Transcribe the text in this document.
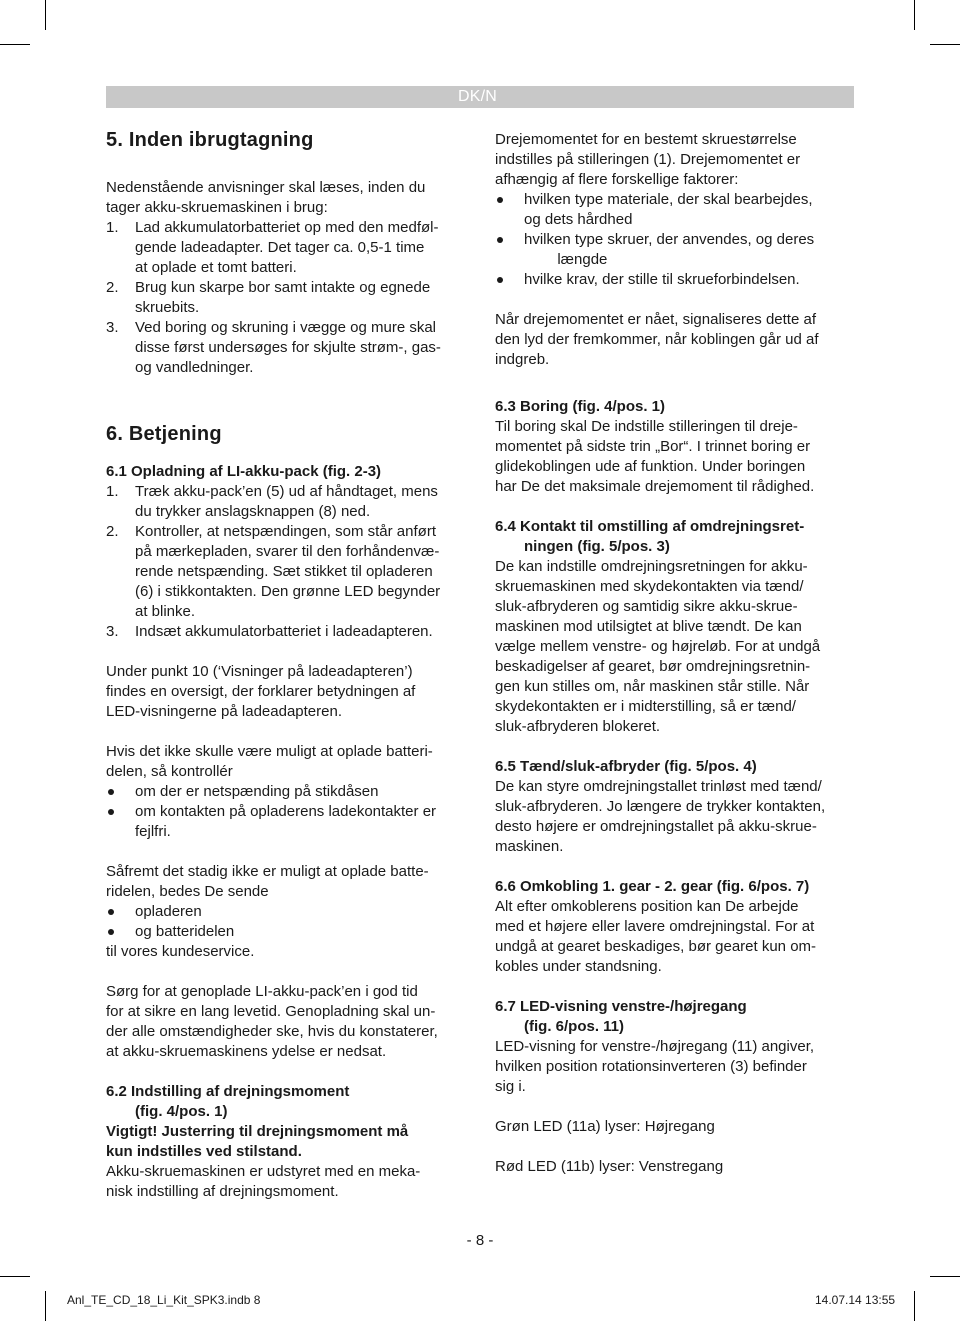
DK/N
5. Inden ibrugtagning

Nedenstående anvisninger skal læses, inden du
tager akku-skruemaskinen i brug:

1. Lad akkumulatorbatteriet op med den medføl-
gende ladeadapter. Det tager ca. 0,5-1 time
at oplade et tomt batteri.

2. Brug kun skarpe bor samt intakte og egnede
skruebits.

3. Ved boring og skruning i vægge og mure skal
disse først undersøges for skjulte strøm-, gas-
og vandledninger.

6. Betjening
6.1 Opladning af LI-akku-pack (fig. 2-3)

1. Træk akku-pack’en (5) ud af håndtaget, mens
du trykker anslagsknappen (8) ned.

2. Kontroller, at netspændingen, som står anført
på mærkepladen, svarer til den forhåndenvæ-
rende netspænding. Sæt stikket til opladeren
(6) i stikkontakten. Den grønne LED begynder
at blinke.

3. Indsæt akkumulatorbatteriet i ladeadapteren.

Under punkt 10 (‘Visninger på ladeadapteren’)
findes en oversigt, der forklarer betydningen af
LED-visningerne på ladeadapteren.

Hvis det ikke skulle være muligt at oplade batteri-
delen, så kontrollér

om der er netspænding på stikdåsen

om kontakten på opladerens ladekontakter er
fejlfri.

Såfremt det stadig ikke er muligt at oplade batte-
ridelen, bedes De sende

opladeren

og batteridelen

til vores kundeservice.

Sørg for at genoplade LI-akku-pack’en i god tid
for at sikre en lang levetid. Genopladning skal un-
der alle omstændigheder ske, hvis du konstaterer,
at akku-skruemaskinens ydelse er nedsat.

6.2 Indstilling af drejningsmoment
(fig. 4/pos. 1)

Vigtigt! Justerring til drejningsmoment må
kun indstilles ved stilstand.

Akku-skruemaskinen er udstyret med en meka-
nisk indstilling af drejningsmoment.

Drejemomentet for en bestemt skruestørrelse
indstilles på stilleringen (1). Drejemomentet er
afhængig af flere forskellige faktorer:

hvilken type materiale, der skal bearbejdes,
og dets hårdhed

hvilken type skruer, der anvendes, og deres
længde

hvilke krav, der stille til skrueforbindelsen.

Når drejemomentet er nået, signaliseres dette af
den lyd der fremkommer, når koblingen går ud af
indgreb.

6.3 Boring (fig. 4/pos. 1)

Til boring skal De indstille stilleringen til dreje-
momentet på sidste trin „Bor“. I trinnet boring er
glidekoblingen ude af funktion. Under boringen
har De det maksimale drejemoment til rådighed.

6.4 Kontakt til omstilling af omdrejningsret-
ningen (fig. 5/pos. 3)

De kan indstille omdrejningsretningen for akku-
skruemaskinen med skydekontakten via tænd/
sluk-afbryderen og samtidig sikre akku-skrue-
maskinen mod utilsigtet at blive tændt. De kan
vælge mellem venstre- og højreløb. For at undgå
beskadigelser af gearet, bør omdrejningsretnin-
gen kun stilles om, når maskinen står stille. Når
skydekontakten er i midterstilling, så er tænd/
sluk-afbryderen blokeret.

6.5 Tænd/sluk-afbryder (fig. 5/pos. 4)

De kan styre omdrejningstallet trinløst med tænd/
sluk-afbryderen. Jo længere de trykker kontakten,
desto højere er omdrejningstallet på akku-skrue-
maskinen.

6.6 Omkobling 1. gear - 2. gear (fig. 6/pos. 7)

Alt efter omkoblerens position kan De arbejde
med et højere eller lavere omdrejningstal. For at
undgå at gearet beskadiges, bør gearet kun om-
kobles under standsning.

6.7 LED-visning venstre-/højregang
(fig. 6/pos. 11)

LED-visning for venstre-/højregang (11) angiver,
hvilken position rotationsinverteren (3) befinder
sig i.

Grøn LED (11a) lyser: Højregang

Rød LED (11b) lyser: Venstregang

- 8 -
Anl_TE_CD_18_Li_Kit_SPK3.indb 8	14.07.14 13:55
